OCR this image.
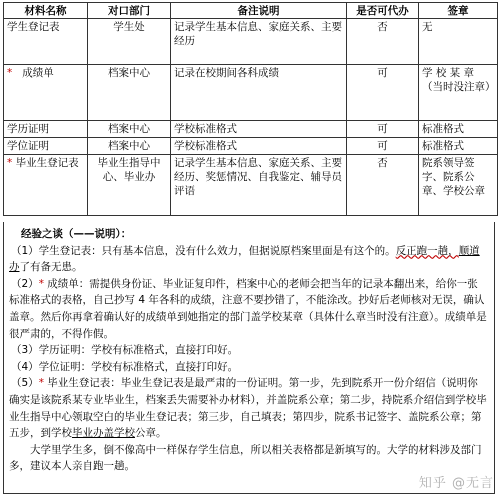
材料名称	对口部门	备注说明	是否可代办	签章
学生登记表	学生处	记录学生基本信息、家庭关系、主要经历	否	无
* 成绩单	档案中心	记录在校期间各科成绩	可	学 校 某 章（当时没注章）
学历证明	档案中心	学校标准格式	可	标准格式
学位证明	档案中心	学校标准格式	可	标准格式
* 毕业生登记表	毕业生指导中心、毕业办	记录学生基本信息、家庭关系、主要经历、奖惩情况、自我鉴定、辅导员评语	否	院系领导签字、院系公章、学校公章

经验之谈（——说明）：

（1）学生登记表：只有基本信息，没有什么效力，但据说原档案里面是有这个的。反正跑一趟，顺道办了有备无患。

（2）* 成绩单：需提供身份证、毕业证复印件，档案中心的老师会把当年的记录本翻出来，给你一张标准格式的表格，自己抄写 4 年各科的成绩，注意不要抄错了，不能涂改。抄好后老师核对无误，确认盖章。然后你再拿着确认好的成绩单到她指定的部门盖学校某章（具体什么章当时没有注意）。成绩单是很严肃的，不得作假。

（3）学历证明：学校有标准格式，直接打印好。

（4）学位证明：学校有标准格式，直接打印好。

（5）* 毕业生登记表：毕业生登记表是最严肃的一份证明。第一步，先到院系开一份介绍信（说明你确实是该院系某专业毕业生，档案丢失需要补办材料），并盖院系公章；第二步，持院系介绍信到学校毕业生指导中心领取空白的毕业生登记表；第三步，自己填表；第四步，院系书记签字、盖院系公章；第五步，到学校毕业办盖学校公章。

大学里学生多，倒不像高中一样保存学生信息，所以相关表格都是新填写的。大学的材料涉及部门多，建议本人亲自跑一趟。

知乎 @无言
